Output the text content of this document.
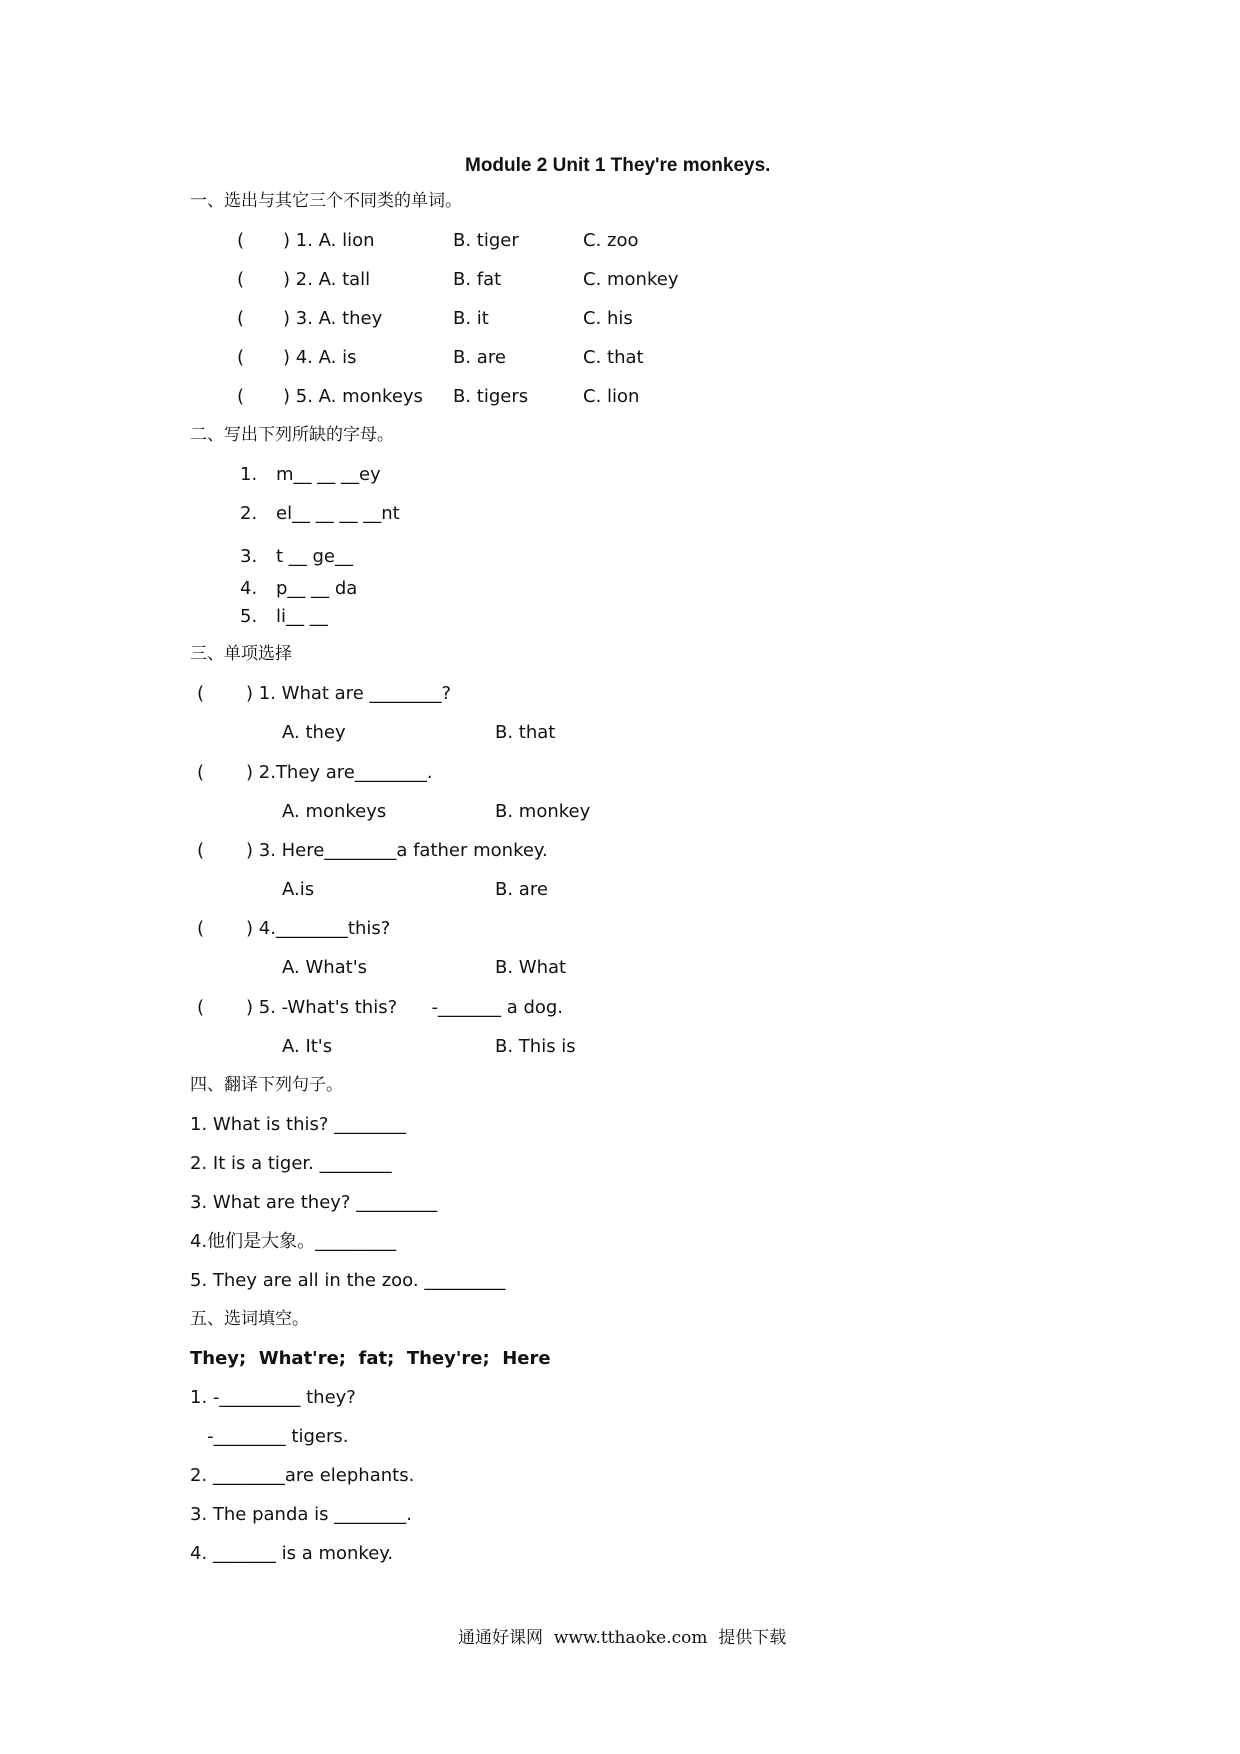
Module 2 Unit 1 They're monkeys.
一、选出与其它三个不同类的单词。
( ) 1. A. lion	B. tiger	C. zoo
( ) 2. A. tall	B. fat	C. monkey
( ) 3. A. they	B. it	C. his
( ) 4. A. is	B. are	C. that
( ) 5. A. monkeys B. tigers	C. lion
二、写出下列所缺的字母。
1. m__ __ __ey
2. el__ __ __ __nt
3. t __ ge__
4. p__ __ da
5. li__ __
三、单项选择
( ) 1. What are ________?
A. they	B. that
( ) 2.They are________.
A. monkeys	B. monkey
( ) 3. Here________a father monkey.
A.is	B. are
( ) 4.________this?
A. What's	B. What
( ) 5. -What's this?      -_______ a dog.
A. It's	B. This is
四、翻译下列句子。
1. What is this? ________
2. It is a tiger. ________
3. What are they? _________
4.他们是大象。_________
5. They are all in the zoo. _________
五、选词填空。
They;  What're;  fat;  They're;  Here
1. -_________ they?
-________ tigers.
2. ________are elephants.
3. The panda is ________.
4. _______ is a monkey.
通通好课网  www.tthaoke.com  提供下载
